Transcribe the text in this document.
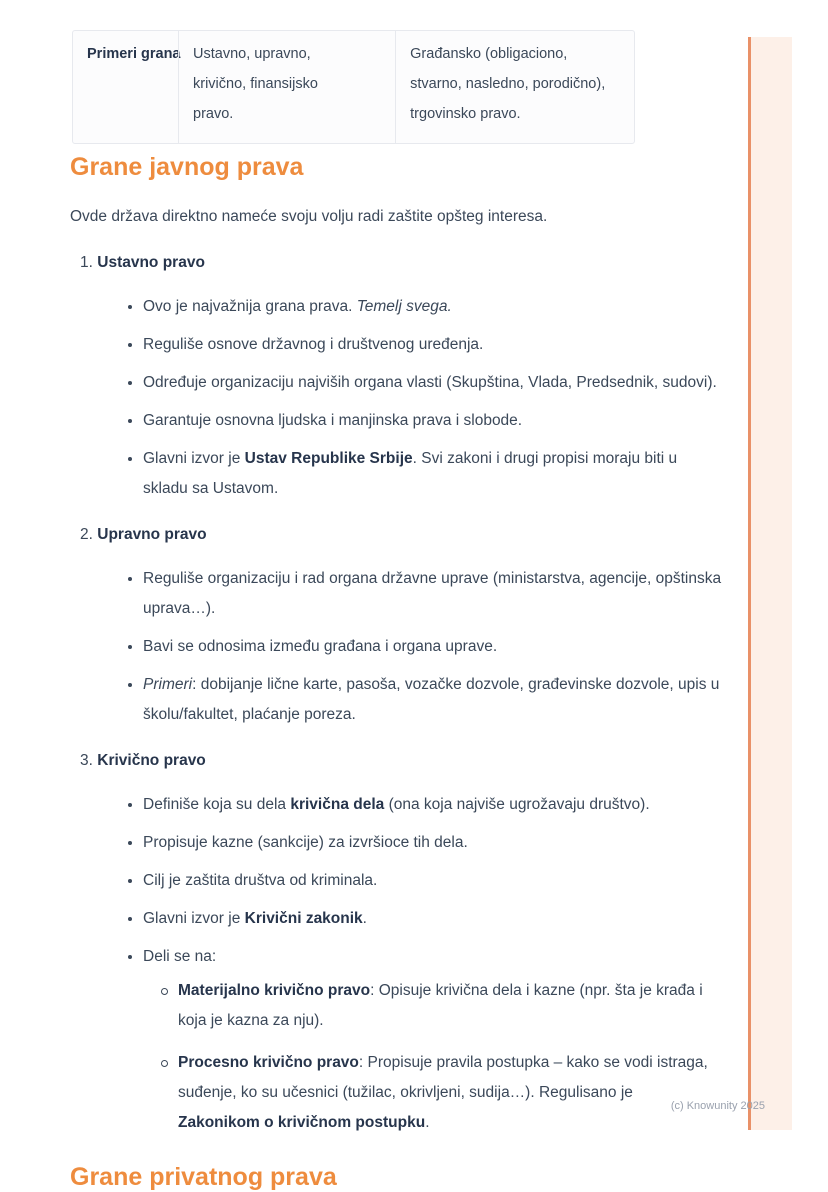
Primeri grana Ustavno, upravno, krivično, finansijsko pravo.
Građansko (obligaciono, stvarno, nasledno, porodično), trgovinsko pravo.
Grane javnog prava

Ovde država direktno nameće svoju volju radi zaštite opšteg interesa.

1. Ustavno pravo
Ovo je najvažnija grana prava. Temelj svega.
Reguliše osnove državnog i društvenog uređenja.
Određuje organizaciju najviših organa vlasti (Skupština, Vlada, Predsednik, sudovi).
Garantuje osnovna ljudska i manjinska prava i slobode.
Glavni izvor je Ustav Republike Srbije. Svi zakoni i drugi propisi moraju biti u skladu sa Ustavom.
2. Upravno pravo
Reguliše organizaciju i rad organa državne uprave (ministarstva, agencije, opštinska uprava…).
Bavi se odnosima između građana i organa uprave.
Primeri: dobijanje lične karte, pasoša, vozačke dozvole, građevinske dozvole, upis u školu/fakultet, plaćanje poreza.
3. Krivično pravo
Definiše koja su dela krivična dela (ona koja najviše ugrožavaju društvo).
Propisuje kazne (sankcije) za izvršioce tih dela.
Cilj je zaštita društva od kriminala.
Glavni izvor je Krivični zakonik.
Deli se na:
Materijalno krivično pravo: Opisuje krivična dela i kazne (npr. šta je krađa i koja je kazna za nju).
Procesno krivično pravo: Propisuje pravila postupka – kako se vodi istraga, suđenje, ko su učesnici (tužilac, okrivljeni, sudija…). Regulisano je Zakonikom o krivičnom postupku.
Grane privatnog prava
(c) Knowunity 2025
